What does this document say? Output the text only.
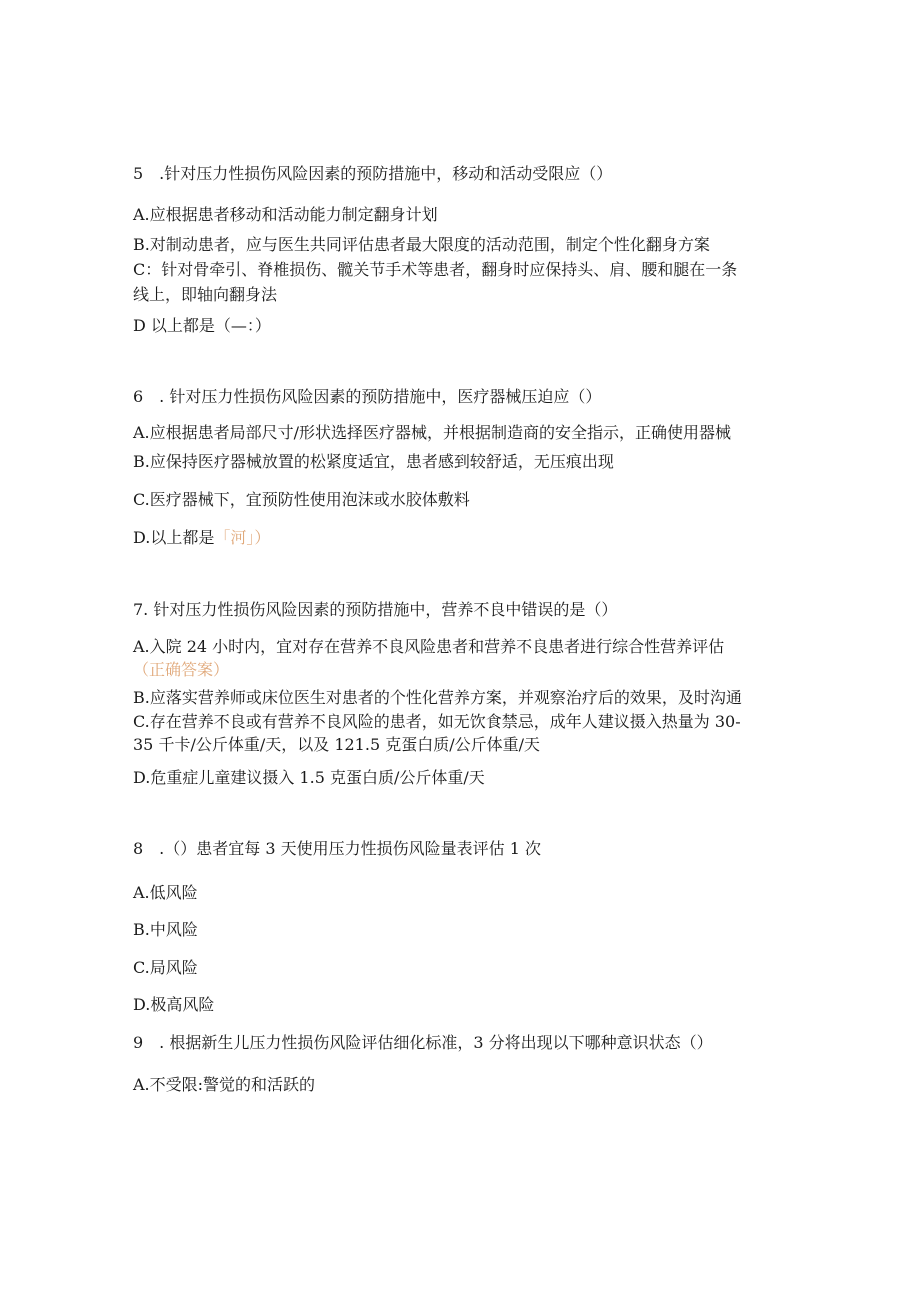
5　.针对压力性损伤风险因素的预防措施中，移动和活动受限应（）
A.应根据患者移动和活动能力制定翻身计划
B.对制动患者，应与医生共同评估患者最大限度的活动范围，制定个性化翻身方案
C：针对骨牵引、脊椎损伤、髋关节手术等患者，翻身时应保持头、肩、腰和腿在一条
线上，即轴向翻身法
D 以上都是（—：）
6　. 针对压力性损伤风险因素的预防措施中，医疗器械压迫应（）
A.应根据患者局部尺寸/形状选择医疗器械，并根据制造商的安全指示，正确使用器械
B.应保持医疗器械放置的松紧度适宜，患者感到较舒适，无压痕出现
C.医疗器械下，宜预防性使用泡沫或水胶体敷料
D.以上都是「河」）
7. 针对压力性损伤风险因素的预防措施中，营养不良中错误的是（）
A.入院 24 小时内，宜对存在营养不良风险患者和营养不良患者进行综合性营养评估
（正确答案）
B.应落实营养师或床位医生对患者的个性化营养方案，并观察治疗后的效果，及时沟通
C.存在营养不良或有营养不良风险的患者，如无饮食禁忌，成年人建议摄入热量为 30-
35 千卡/公斤体重/天，以及 121.5 克蛋白质/公斤体重/天
D.危重症儿童建议摄入 1.5 克蛋白质/公斤体重/天
8　.（）患者宜每 3 天使用压力性损伤风险量表评估 1 次
A.低风险
B.中风险
C.局风险
D.极高风险
9　. 根据新生儿压力性损伤风险评估细化标准，3 分将出现以下哪种意识状态（）
A.不受限:警觉的和活跃的
